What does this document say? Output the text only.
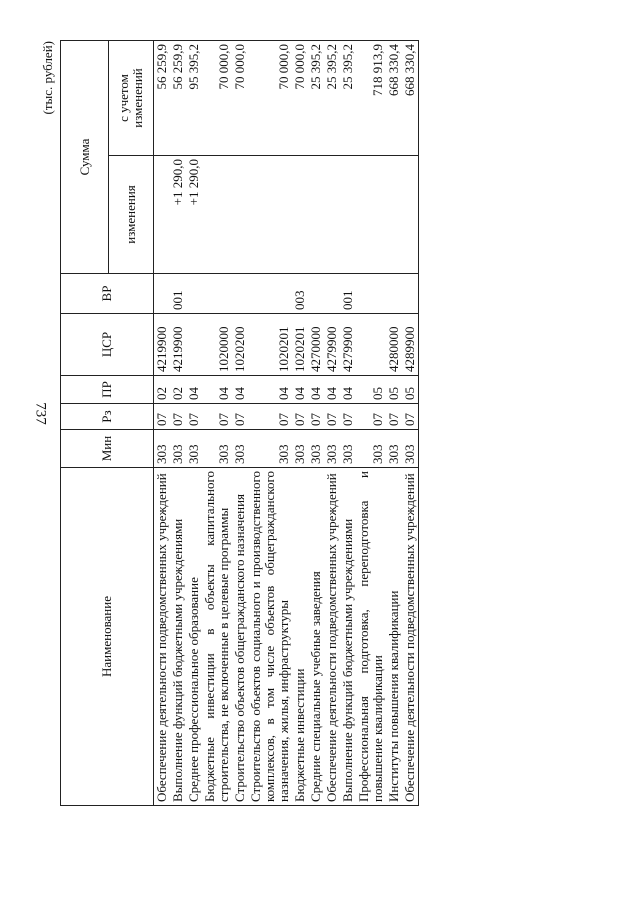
737
(тыс. рублей)
Наименование	Мин	Рз	ПР	ЦСР	ВР	Сумма	
						изменения	с учетом изменений
Обеспечение деятельности подведомственных учреждений	303	07	02	4219900			56 259,9
Выполнение функций бюджетными учреждениями	303	07	02	4219900	001	+1 290,0	56 259,9
Среднее профессиональное образование	303	07	04			+1 290,0	95 395,2
Бюджетные инвестиции в объекты капитального строительства, не включенные в целевые программы	303	07	04	1020000			70 000,0
Строительство объектов общегражданского назначения	303	07	04	1020200			70 000,0
Строительство объектов социального и производственного комплексов, в том числе объектов общегражданского назначения, жилья, инфраструктуры	303	07	04	1020201			70 000,0
Бюджетные инвестиции	303	07	04	1020201	003		70 000,0
Средние специальные учебные заведения	303	07	04	4270000			25 395,2
Обеспечение деятельности подведомственных учреждений	303	07	04	4279900			25 395,2
Выполнение функций бюджетными учреждениями	303	07	04	4279900	001		25 395,2
Профессиональная подготовка, переподготовка и повышение квалификации	303	07	05				718 913,9
Институты повышения квалификации	303	07	05	4280000			668 330,4
Обеспечение деятельности подведомственных учреждений	303	07	05	4289900			668 330,4
